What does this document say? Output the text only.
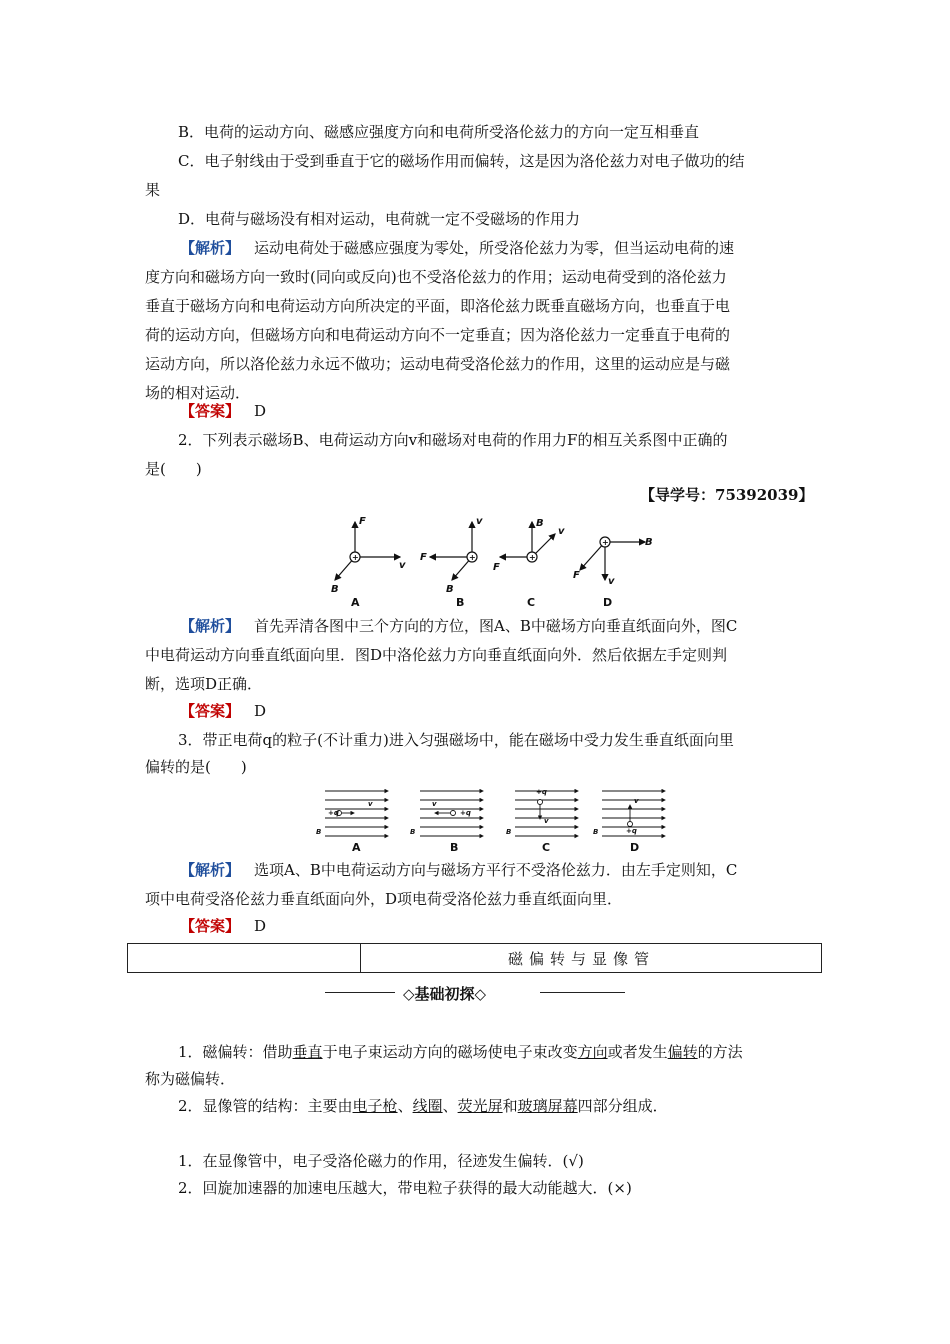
B．电荷的运动方向、磁感应强度方向和电荷所受洛伦兹力的方向一定互相垂直
C．电子射线由于受到垂直于它的磁场作用而偏转，这是因为洛伦兹力对电子做功的结
果
D．电荷与磁场没有相对运动，电荷就一定不受磁场的作用力
【解析】 运动电荷处于磁感应强度为零处，所受洛伦兹力为零，但当运动电荷的速
度方向和磁场方向一致时(同向或反向)也不受洛伦兹力的作用；运动电荷受到的洛伦兹力
垂直于磁场方向和电荷运动方向所决定的平面，即洛伦兹力既垂直磁场方向，也垂直于电
荷的运动方向，但磁场方向和电荷运动方向不一定垂直；因为洛伦兹力一定垂直于电荷的
运动方向，所以洛伦兹力永远不做功；运动电荷受洛伦兹力的作用，这里的运动应是与磁
场的相对运动．
【答案】 D
2．下列表示磁场B、电荷运动方向v和磁场对电荷的作用力F的相互关系图中正确的
是(　　)
【导学号：75392039】
F
v
B
v
F
B
B
v
F
B
v
F
+	+	+
+
A	B	C	D
【解析】 首先弄清各图中三个方向的方位，图A、B中磁场方向垂直纸面向外，图C
中电荷运动方向垂直纸面向里．图D中洛伦兹力方向垂直纸面向外．然后依据左手定则判
断，选项D正确．
【答案】 D
3．带正电荷q的粒子(不计重力)进入匀强磁场中，能在磁场中受力发生垂直纸面向里
偏转的是(　　)
+q	+q
+q
+q
v	v
v
v
B	B	B	B
A	B	C	D
【解析】 选项A、B中电荷运动方向与磁场方平行不受洛伦兹力．由左手定则知，C
项中电荷受洛伦兹力垂直纸面向外，D项电荷受洛伦兹力垂直纸面向里．
【答案】 D
磁偏转与显像管
◇基础初探◇
1．磁偏转：借助垂直于电子束运动方向的磁场使电子束改变方向或者发生偏转的方法
称为磁偏转．
2．显像管的结构：主要由电子枪、线圈、荧光屏和玻璃屏幕四部分组成．
1．在显像管中，电子受洛伦磁力的作用，径迹发生偏转．(√)
2．回旋加速器的加速电压越大，带电粒子获得的最大动能越大．(×)
